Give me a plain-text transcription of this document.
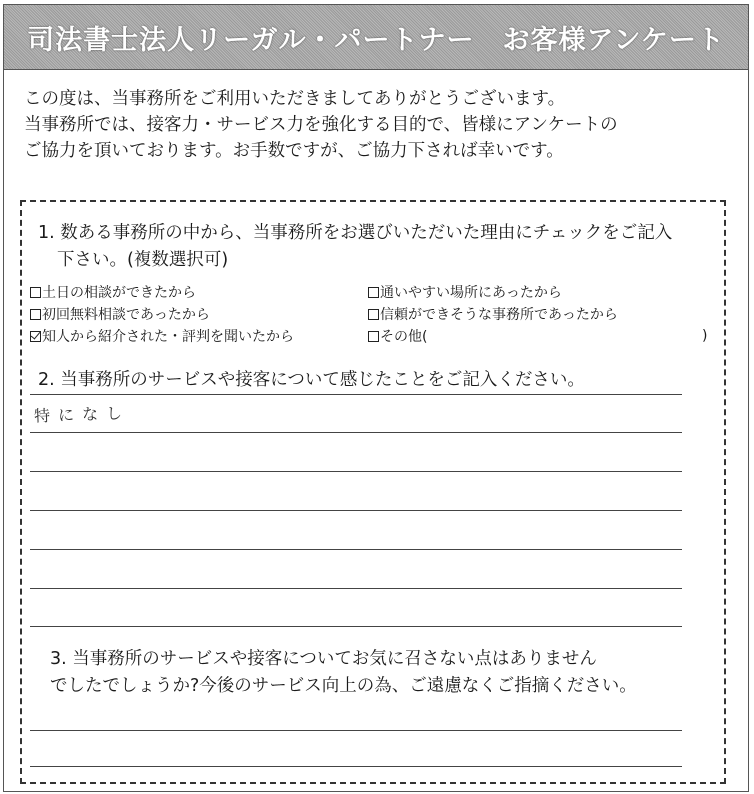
司法書士法人リーガル・パートナー　お客様アンケート
この度は、当事務所をご利用いただきましてありがとうございます。
当事務所では、接客力・サービス力を強化する目的で、皆様にアンケートの
ご協力を頂いております。お手数ですが、ご協力下されば幸いです。
1. 数ある事務所の中から、当事務所をお選びいただいた理由にチェックをご記入
下さい。(複数選択可)
土日の相談ができたから	通いやすい場所にあったから
初回無料相談であったから	信頼ができそうな事務所であったから
知人から紹介された・評判を聞いたから	その他(	)
2. 当事務所のサービスや接客について感じたことをご記入ください。
特になし
3. 当事務所のサービスや接客についてお気に召さない点はありません
でしたでしょうか?今後のサービス向上の為、ご遠慮なくご指摘ください。
